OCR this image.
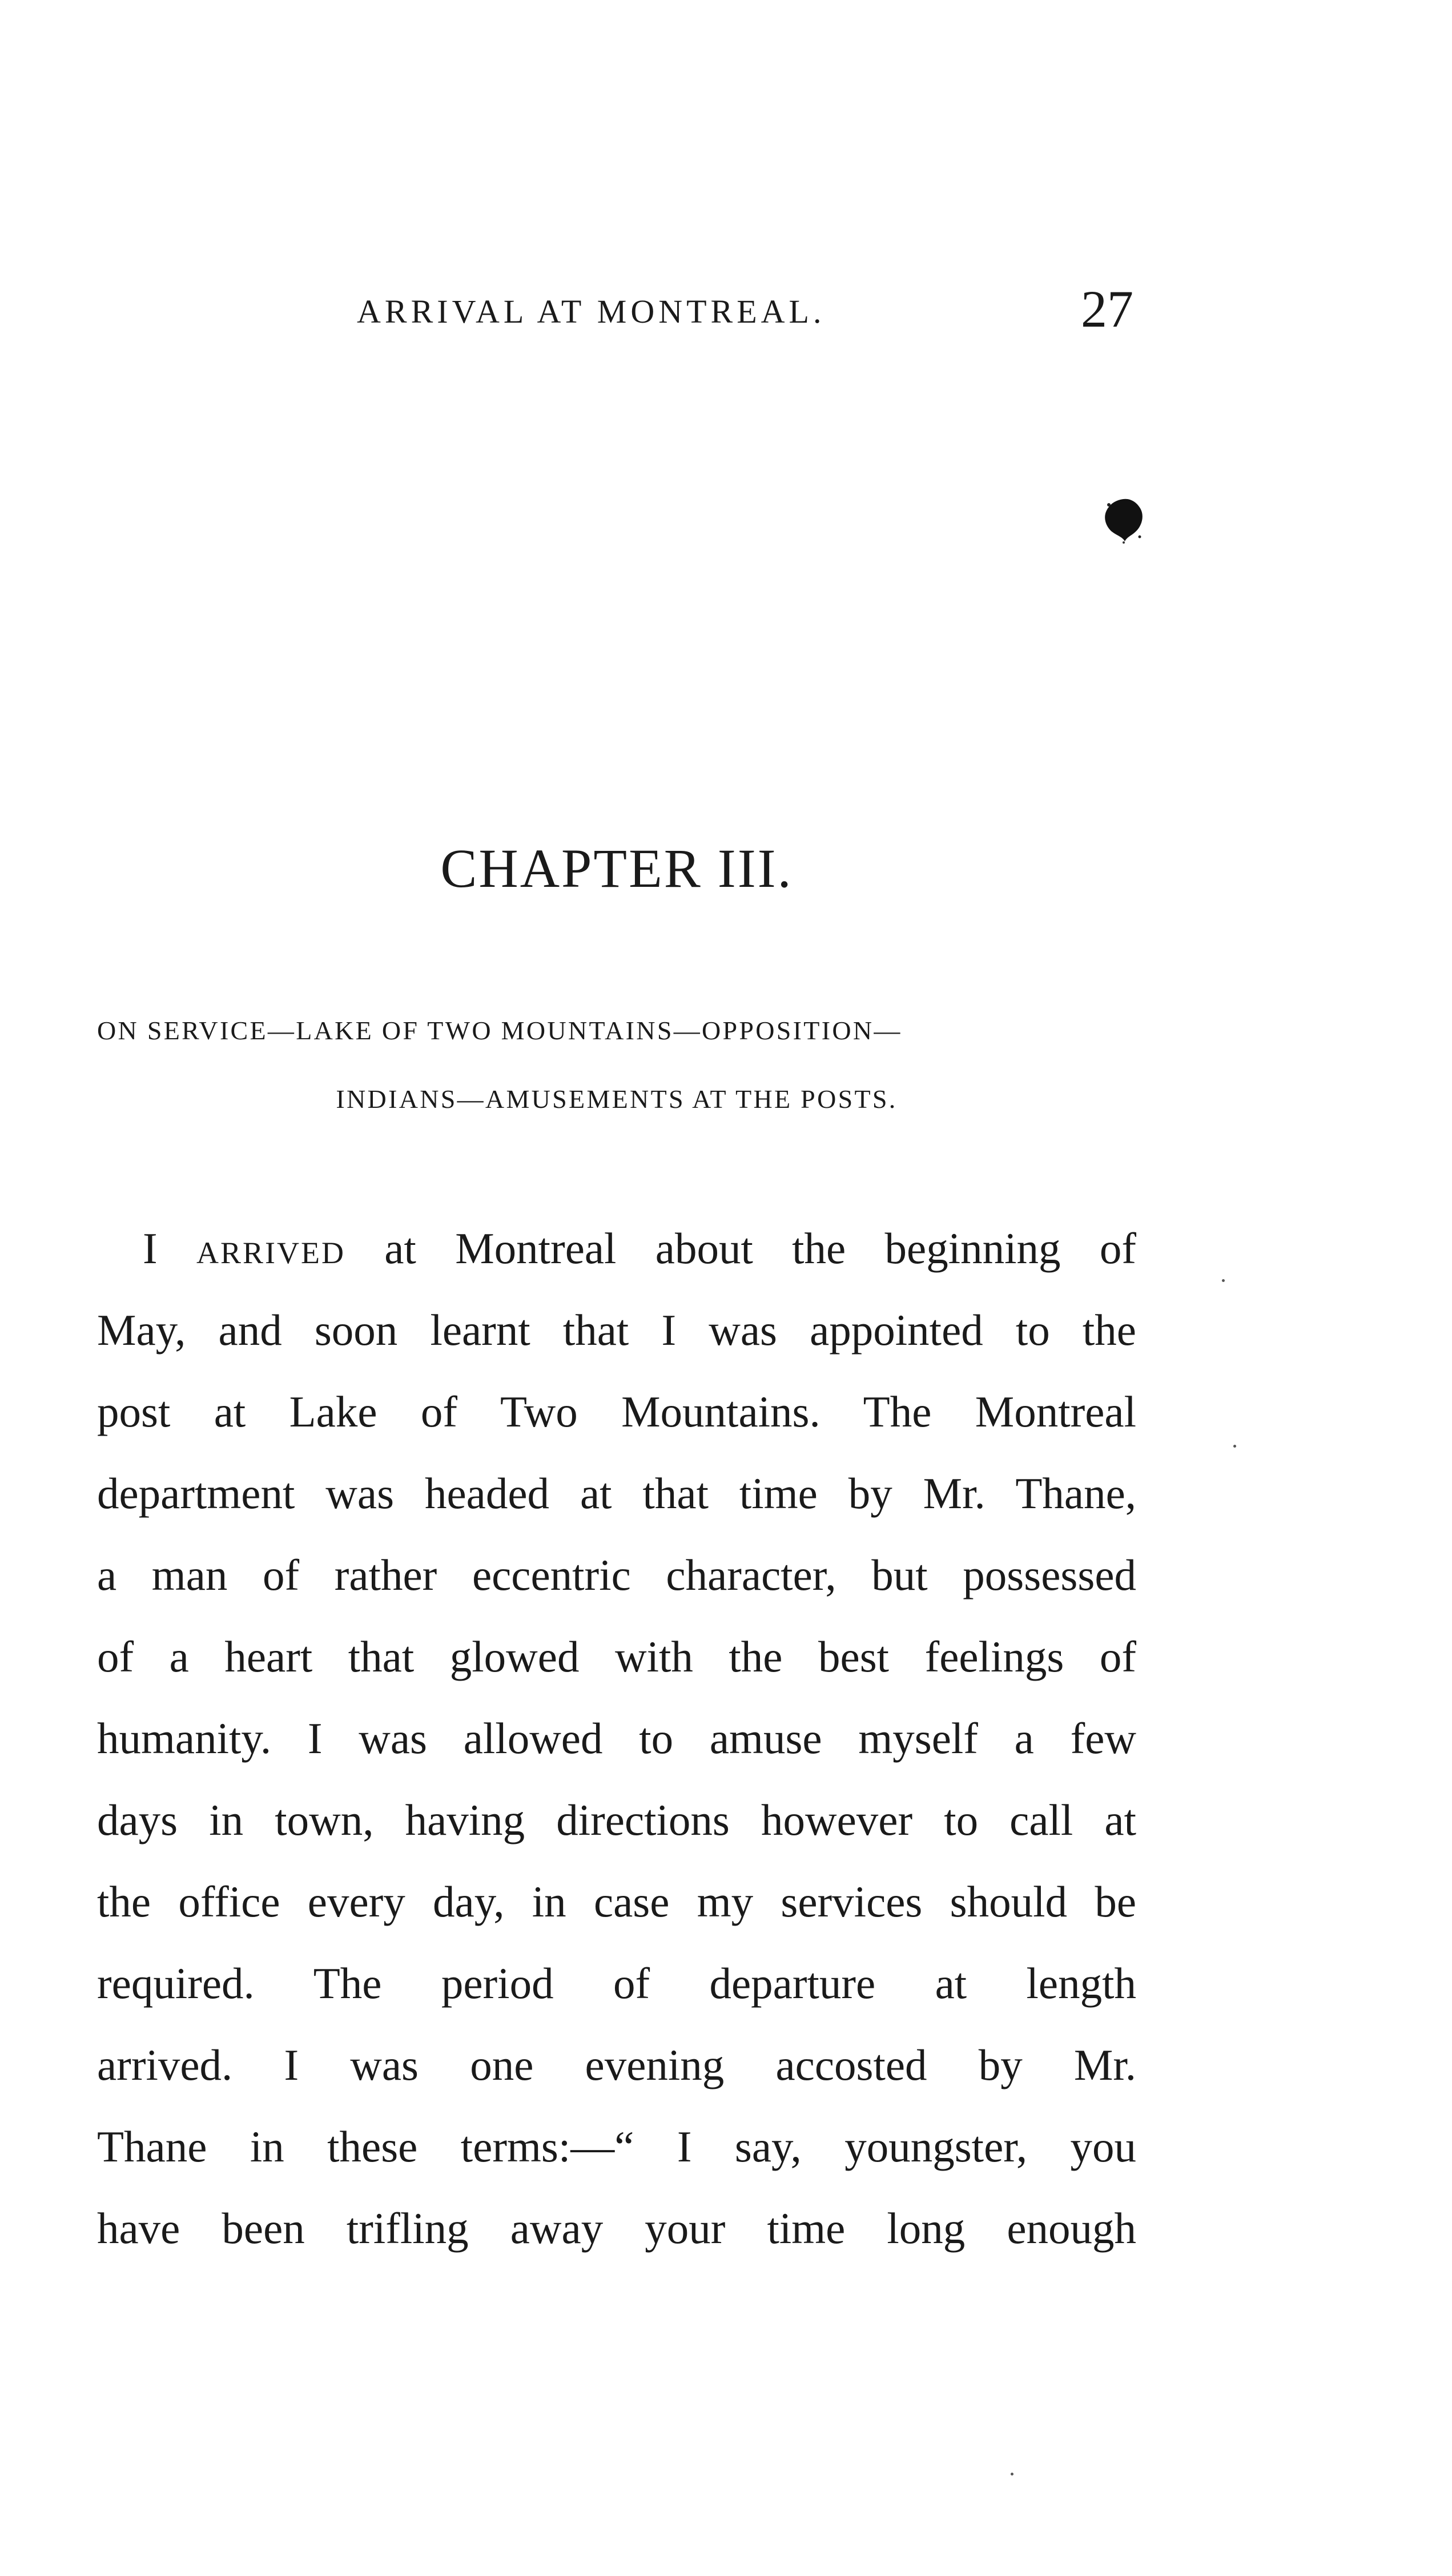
ARRIVAL AT MONTREAL.	27
CHAPTER III.
ON SERVICE—LAKE OF TWO MOUNTAINS—OPPOSITION—
INDIANS—AMUSEMENTS AT THE POSTS.
I arrived at Montreal about the beginning of
May, and soon learnt that I was appointed to the
post at Lake of Two Mountains. The Montreal
department was headed at that time by Mr. Thane,
a man of rather eccentric character, but possessed
of a heart that glowed with the best feelings of
humanity. I was allowed to amuse myself a few
days in town, having directions however to call at
the office every day, in case my services should be
required. The period of departure at length
arrived. I was one evening accosted by Mr.
Thane in these terms:—“ I say, youngster, you
have been trifling away your time long enough
